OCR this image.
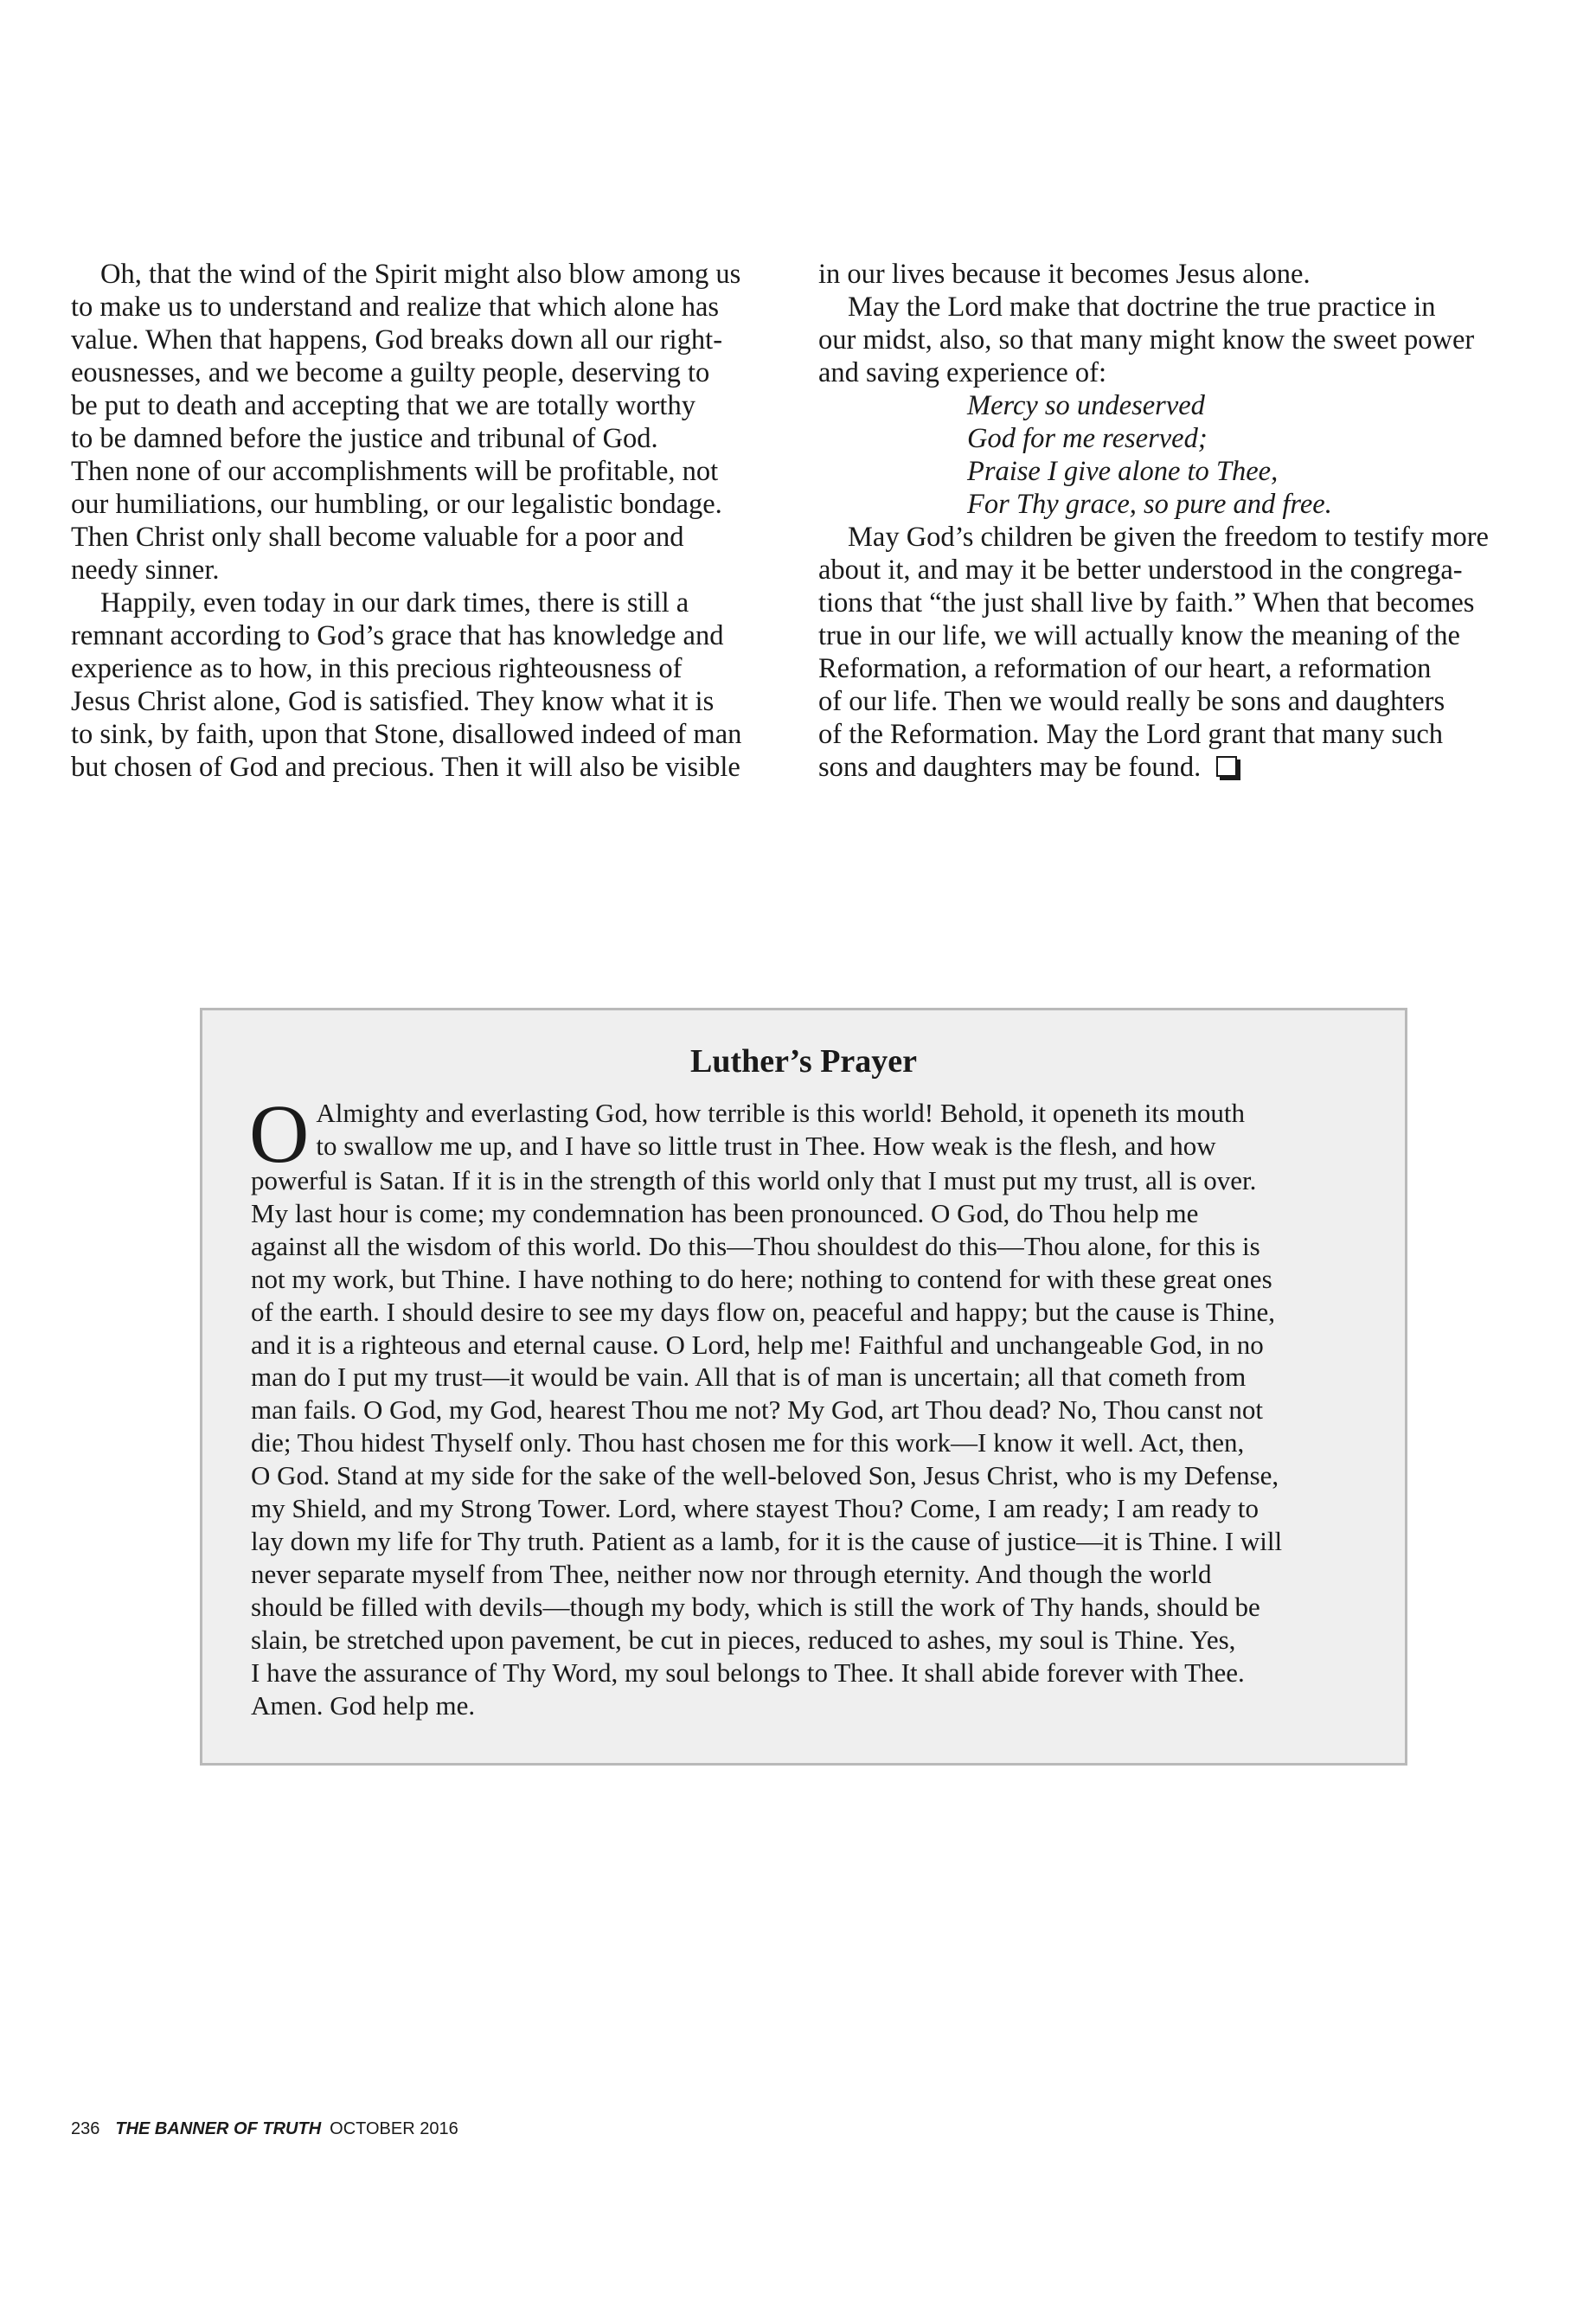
Oh, that the wind of the Spirit might also blow among us
to make us to understand and realize that which alone has
value. When that happens, God breaks down all our right-
eousnesses, and we become a guilty people, deserving to
be put to death and accepting that we are totally worthy
to be damned before the justice and tribunal of God.
Then none of our accomplishments will be profitable, not
our humiliations, our humbling, or our legalistic bondage.
Then Christ only shall become valuable for a poor and
needy sinner.
Happily, even today in our dark times, there is still a
remnant according to God’s grace that has knowledge and
experience as to how, in this precious righteousness of
Jesus Christ alone, God is satisfied. They know what it is
to sink, by faith, upon that Stone, disallowed indeed of man
but chosen of God and precious. Then it will also be visible
in our lives because it becomes Jesus alone.
May the Lord make that doctrine the true practice in
our midst, also, so that many might know the sweet power
and saving experience of:
Mercy so undeserved
God for me reserved;
Praise I give alone to Thee,
For Thy grace, so pure and free.
May God’s children be given the freedom to testify more
about it, and may it be better understood in the congrega-
tions that “the just shall live by faith.” When that becomes
true in our life, we will actually know the meaning of the
Reformation, a reformation of our heart, a reformation
of our life. Then we would really be sons and daughters
of the Reformation. May the Lord grant that many such
sons and daughters may be found.
Luther’s Prayer
O Almighty and everlasting God, how terrible is this world! Behold, it openeth its mouth
to swallow me up, and I have so little trust in Thee. How weak is the flesh, and how
powerful is Satan. If it is in the strength of this world only that I must put my trust, all is over.
My last hour is come; my condemnation has been pronounced. O God, do Thou help me
against all the wisdom of this world. Do this—Thou shouldest do this—Thou alone, for this is
not my work, but Thine. I have nothing to do here; nothing to contend for with these great ones
of the earth. I should desire to see my days flow on, peaceful and happy; but the cause is Thine,
and it is a righteous and eternal cause. O Lord, help me! Faithful and unchangeable God, in no
man do I put my trust—it would be vain. All that is of man is uncertain; all that cometh from
man fails. O God, my God, hearest Thou me not? My God, art Thou dead? No, Thou canst not
die; Thou hidest Thyself only. Thou hast chosen me for this work—I know it well. Act, then,
O God. Stand at my side for the sake of the well-beloved Son, Jesus Christ, who is my Defense,
my Shield, and my Strong Tower. Lord, where stayest Thou? Come, I am ready; I am ready to
lay down my life for Thy truth. Patient as a lamb, for it is the cause of justice—it is Thine. I will
never separate myself from Thee, neither now nor through eternity. And though the world
should be filled with devils—though my body, which is still the work of Thy hands, should be
slain, be stretched upon pavement, be cut in pieces, reduced to ashes, my soul is Thine. Yes,
I have the assurance of Thy Word, my soul belongs to Thee. It shall abide forever with Thee.
Amen. God help me.
236 THE BANNER OF TRUTH OCTOBER 2016
